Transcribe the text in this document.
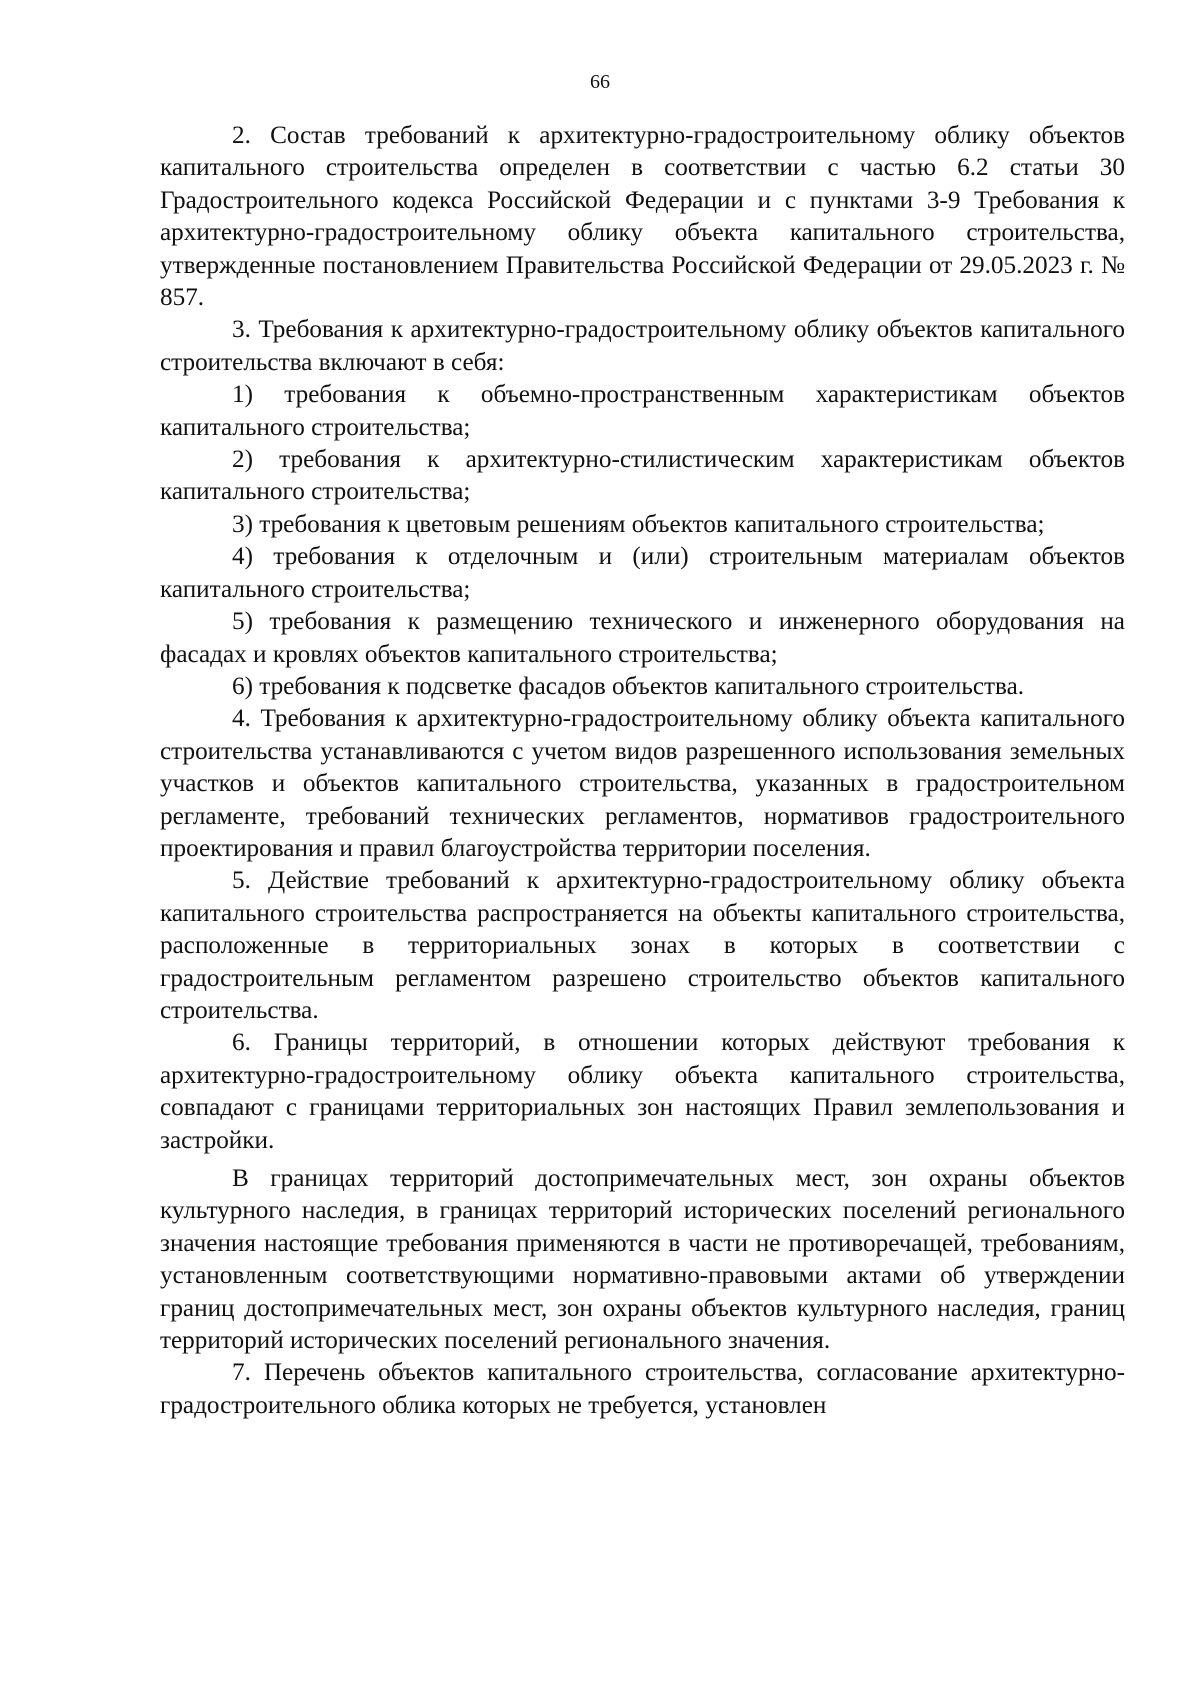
66

2. Состав требований к архитектурно-градостроительному облику объектов капитального строительства определен в соответствии с частью 6.2 статьи 30 Градостроительного кодекса Российской Федерации и с пунктами 3-9 Требования к архитектурно-градостроительному облику объекта капитального строительства, утвержденные постановлением Правительства Российской Федерации от 29.05.2023 г. № 857.

3. Требования к архитектурно-градостроительному облику объектов капитального строительства включают в себя:

1) требования к объемно-пространственным характеристикам объектов капитального строительства;

2) требования к архитектурно-стилистическим характеристикам объектов капитального строительства;

3) требования к цветовым решениям объектов капитального строительства;

4) требования к отделочным и (или) строительным материалам объектов капитального строительства;

5) требования к размещению технического и инженерного оборудования на фасадах и кровлях объектов капитального строительства;

6) требования к подсветке фасадов объектов капитального строительства.

4. Требования к архитектурно-градостроительному облику объекта капитального строительства устанавливаются с учетом видов разрешенного использования земельных участков и объектов капитального строительства, указанных в градостроительном регламенте, требований технических регламентов, нормативов градостроительного проектирования и правил благоустройства территории поселения.

5. Действие требований к архитектурно-градостроительному облику объекта капитального строительства распространяется на объекты капитального строительства, расположенные в территориальных зонах в которых в соответствии с градостроительным регламентом разрешено строительство объектов капитального строительства.

6. Границы территорий, в отношении которых действуют требования к архитектурно-градостроительному облику объекта капитального строительства, совпадают с границами территориальных зон настоящих Правил землепользования и застройки.

В границах территорий достопримечательных мест, зон охраны объектов культурного наследия, в границах территорий исторических поселений регионального значения настоящие требования применяются в части не противоречащей, требованиям, установленным соответствующими нормативно-правовыми актами об утверждении границ достопримечательных мест, зон охраны объектов культурного наследия, границ территорий исторических поселений регионального значения.

7. Перечень объектов капитального строительства, согласование архитектурно-градостроительного облика которых не требуется, установлен
